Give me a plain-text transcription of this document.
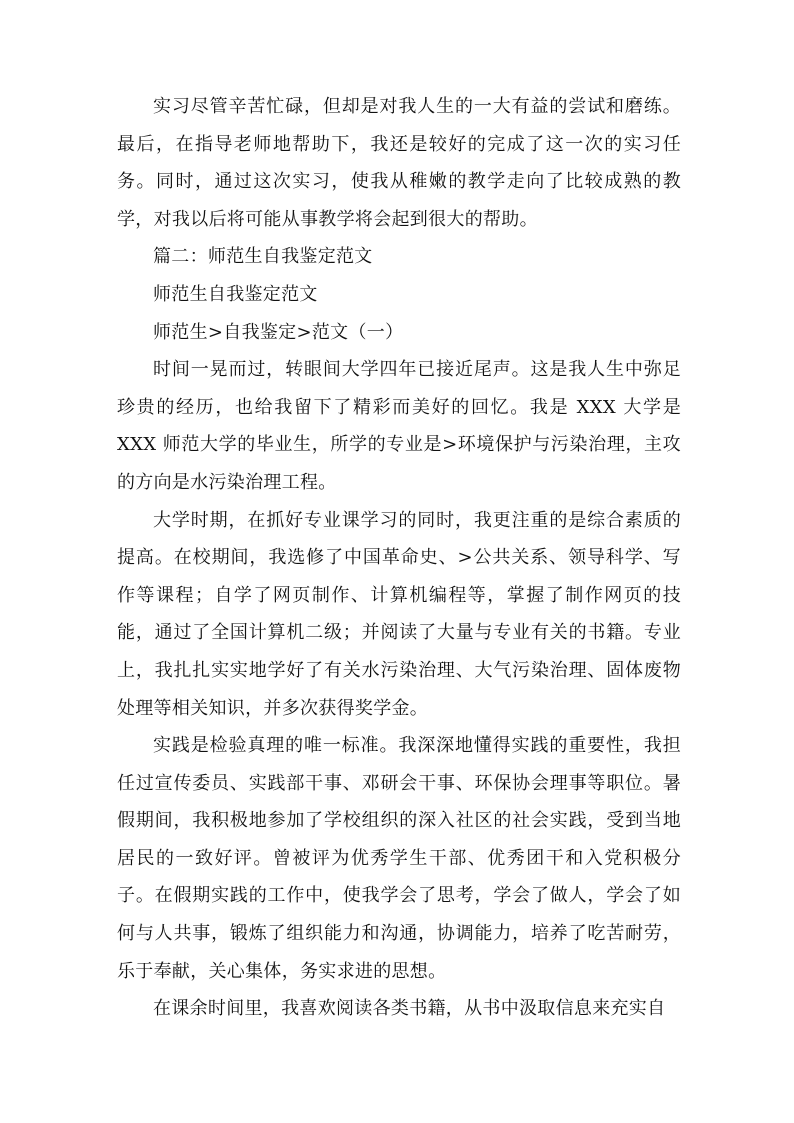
实习尽管辛苦忙碌，但却是对我人生的一大有益的尝试和磨练。最后，在指导老师地帮助下，我还是较好的完成了这一次的实习任务。同时，通过这次实习，使我从稚嫩的教学走向了比较成熟的教学，对我以后将可能从事教学将会起到很大的帮助。

篇二：师范生自我鉴定范文

师范生自我鉴定范文

师范生>自我鉴定>范文（一）

时间一晃而过，转眼间大学四年已接近尾声。这是我人生中弥足珍贵的经历，也给我留下了精彩而美好的回忆。我是 XXX 大学是 XXX 师范大学的毕业生，所学的专业是>环境保护与污染治理，主攻的方向是水污染治理工程。

大学时期，在抓好专业课学习的同时，我更注重的是综合素质的提高。在校期间，我选修了中国革命史、>公共关系、领导科学、写作等课程；自学了网页制作、计算机编程等，掌握了制作网页的技能，通过了全国计算机二级；并阅读了大量与专业有关的书籍。专业上，我扎扎实实地学好了有关水污染治理、大气污染治理、固体废物处理等相关知识，并多次获得奖学金。

实践是检验真理的唯一标准。我深深地懂得实践的重要性，我担任过宣传委员、实践部干事、邓研会干事、环保协会理事等职位。暑假期间，我积极地参加了学校组织的深入社区的社会实践，受到当地居民的一致好评。曾被评为优秀学生干部、优秀团干和入党积极分子。在假期实践的工作中，使我学会了思考，学会了做人，学会了如何与人共事，锻炼了组织能力和沟通，协调能力，培养了吃苦耐劳，乐于奉献，关心集体，务实求进的思想。

在课余时间里，我喜欢阅读各类书籍，从书中汲取信息来充实自
